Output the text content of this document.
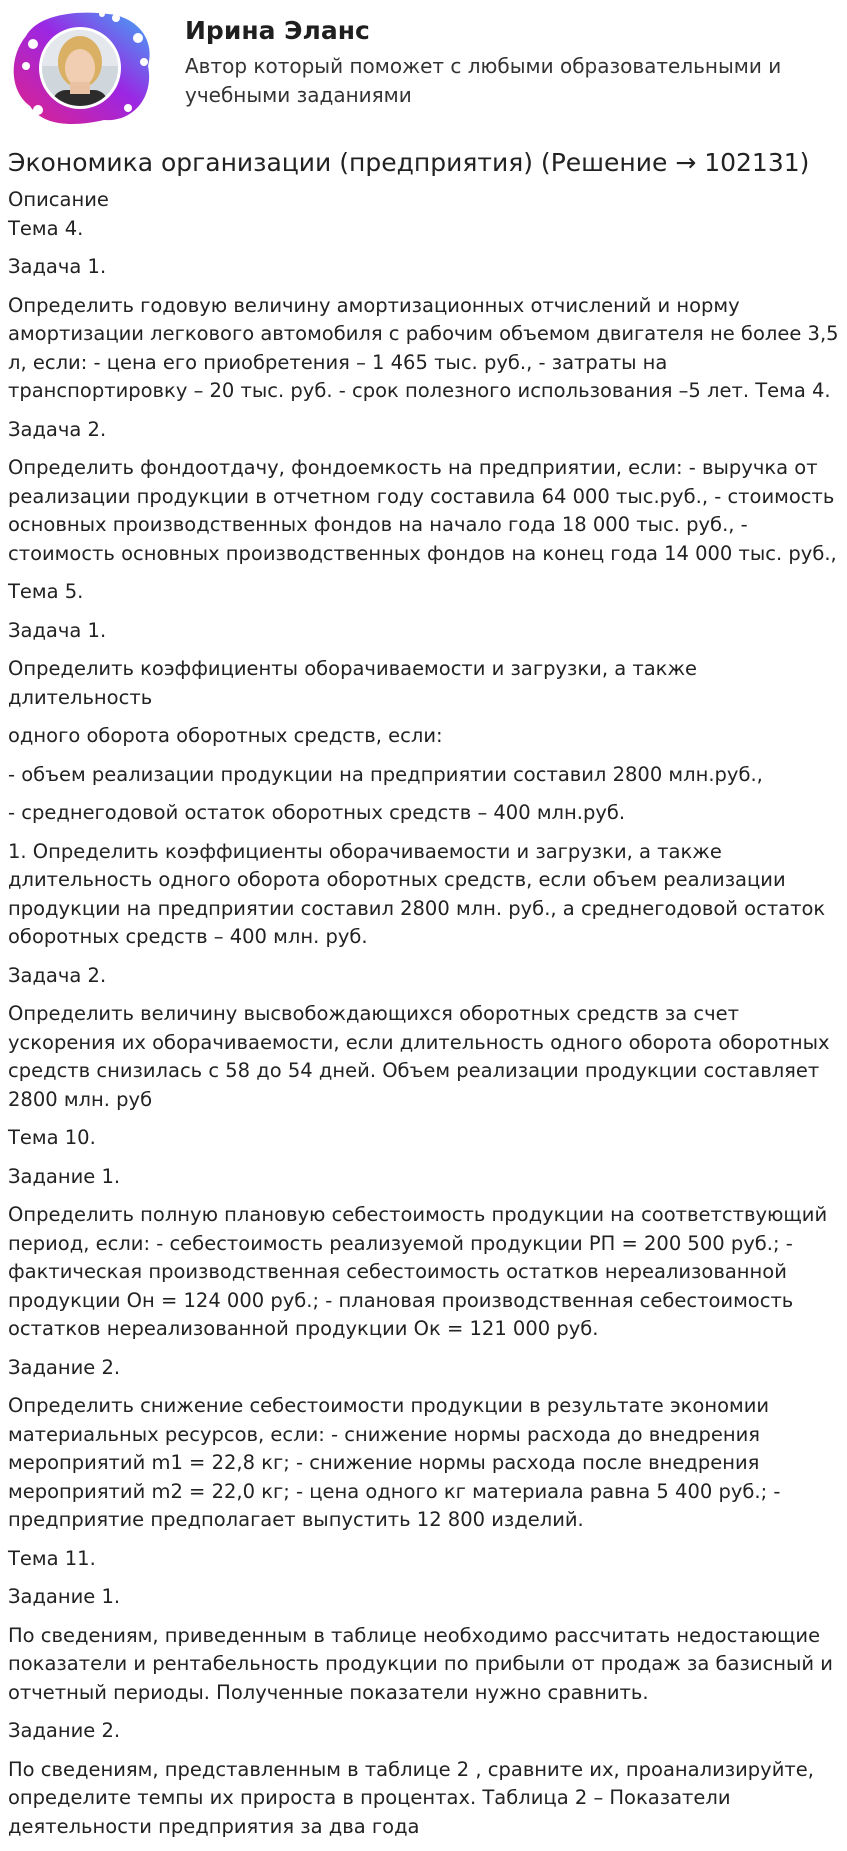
Ирина Эланс
Автор который поможет с любыми образовательными и учебными заданиями
Экономика организации (предприятия) (Решение → 102131)
Описание

Тема 4.

Задача 1.

Определить годовую величину амортизационных отчислений и норму амортизации легкового автомобиля с рабочим объемом двигателя не более 3,5 л, если: - цена его приобретения – 1 465 тыс. руб., - затраты на транспортировку – 20 тыс. руб. - срок полезного использования –5 лет. Тема 4.

Задача 2.

Определить фондоотдачу, фондоемкость на предприятии, если: - выручка от реализации продукции в отчетном году составила 64 000 тыс.руб., - стоимость основных производственных фондов на начало года 18 000 тыс. руб., - стоимость основных производственных фондов на конец года 14 000 тыс. руб.,

Тема 5.

Задача 1.

Определить коэффициенты оборачиваемости и загрузки, а также длительность

одного оборота оборотных средств, если:

- объем реализации продукции на предприятии составил 2800 млн.руб.,

- среднегодовой остаток оборотных средств – 400 млн.руб.

1. Определить коэффициенты оборачиваемости и загрузки, а также длительность одного оборота оборотных средств, если объем реализации продукции на предприятии составил 2800 млн. руб., а среднегодовой остаток оборотных средств – 400 млн. руб.

Задача 2.

Определить величину высвобождающихся оборотных средств за счет ускорения их оборачиваемости, если длительность одного оборота оборотных средств снизилась с 58 до 54 дней. Объем реализации продукции составляет 2800 млн. руб

Тема 10.

Задание 1.

Определить полную плановую себестоимость продукции на соответствующий период, если: - себестоимость реализуемой продукции РП = 200 500 руб.; - фактическая производственная себестоимость остатков нереализованной продукции Он = 124 000 руб.; - плановая производственная себестоимость остатков нереализованной продукции Ок = 121 000 руб.

Задание 2.

Определить снижение себестоимости продукции в результате экономии материальных ресурсов, если: - снижение нормы расхода до внедрения мероприятий m1 = 22,8 кг; - снижение нормы расхода после внедрения мероприятий m2 = 22,0 кг; - цена одного кг материала равна 5 400 руб.; - предприятие предполагает выпустить 12 800 изделий.

Тема 11.

Задание 1.

По сведениям, приведенным в таблице необходимо рассчитать недостающие показатели и рентабельность продукции по прибыли от продаж за базисный и отчетный периоды. Полученные показатели нужно сравнить.

Задание 2.

По сведениям, представленным в таблице 2 , сравните их, проанализируйте, определите темпы их прироста в процентах. Таблица 2 – Показатели деятельности предприятия за два года
